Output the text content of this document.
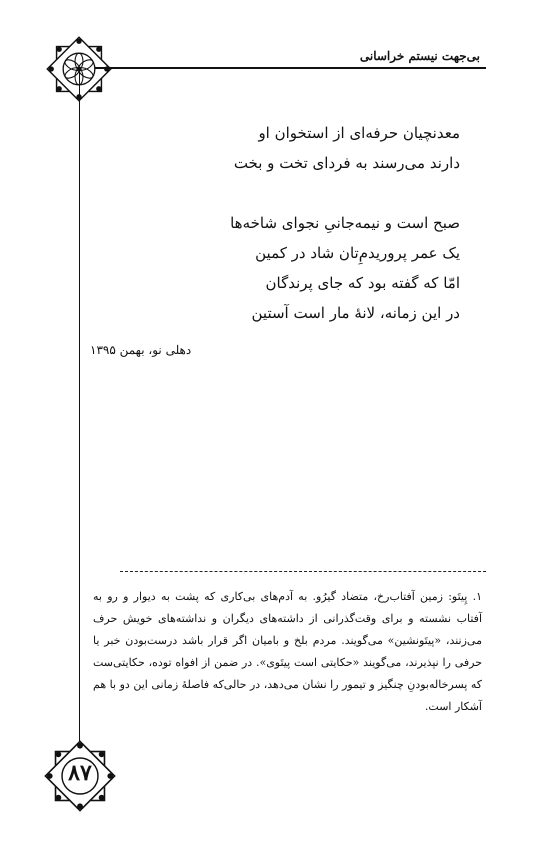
بی‌جهت نیستم خراسانی
معدنچیان حرفه‌ای از استخوان او
دارند می‌رسند به فردای تخت و بخت
صبح است و نیمه‌جانیِ نجوای شاخه‌ها
یک عمر پروریدمِ‌تان شاد در کمین
امّا که گفته بود که جای پرندگان
در این زمانه، لانۀ مار است آستین
دهلی نو، بهمن ۱۳۹۵
۱. پِیتَو: زمین آفتاب‌رخ، متضاد گیرُو. به آدم‌های بی‌کاری که پشت به دیوار و رو به آفتاب نشسته و برای وقت‌گذرانی از داشته‌های دیگران و نداشته‌های خویش حرف می‌زنند، «پیتَونشین» می‌گویند. مردم بلخ و بامیان اگر قرار باشد درست‌بودن خبر یا حرفی را نپذیرند، می‌گویند «حکایتی است پیتَوی». در ضمن از افواه توده، حکایتی‌ست که پسرخاله‌بودنِ چنگیز و تیمور را نشان می‌دهد، در حالی‌که فاصلۀ زمانی این دو با هم آشکار است.
۸۷
